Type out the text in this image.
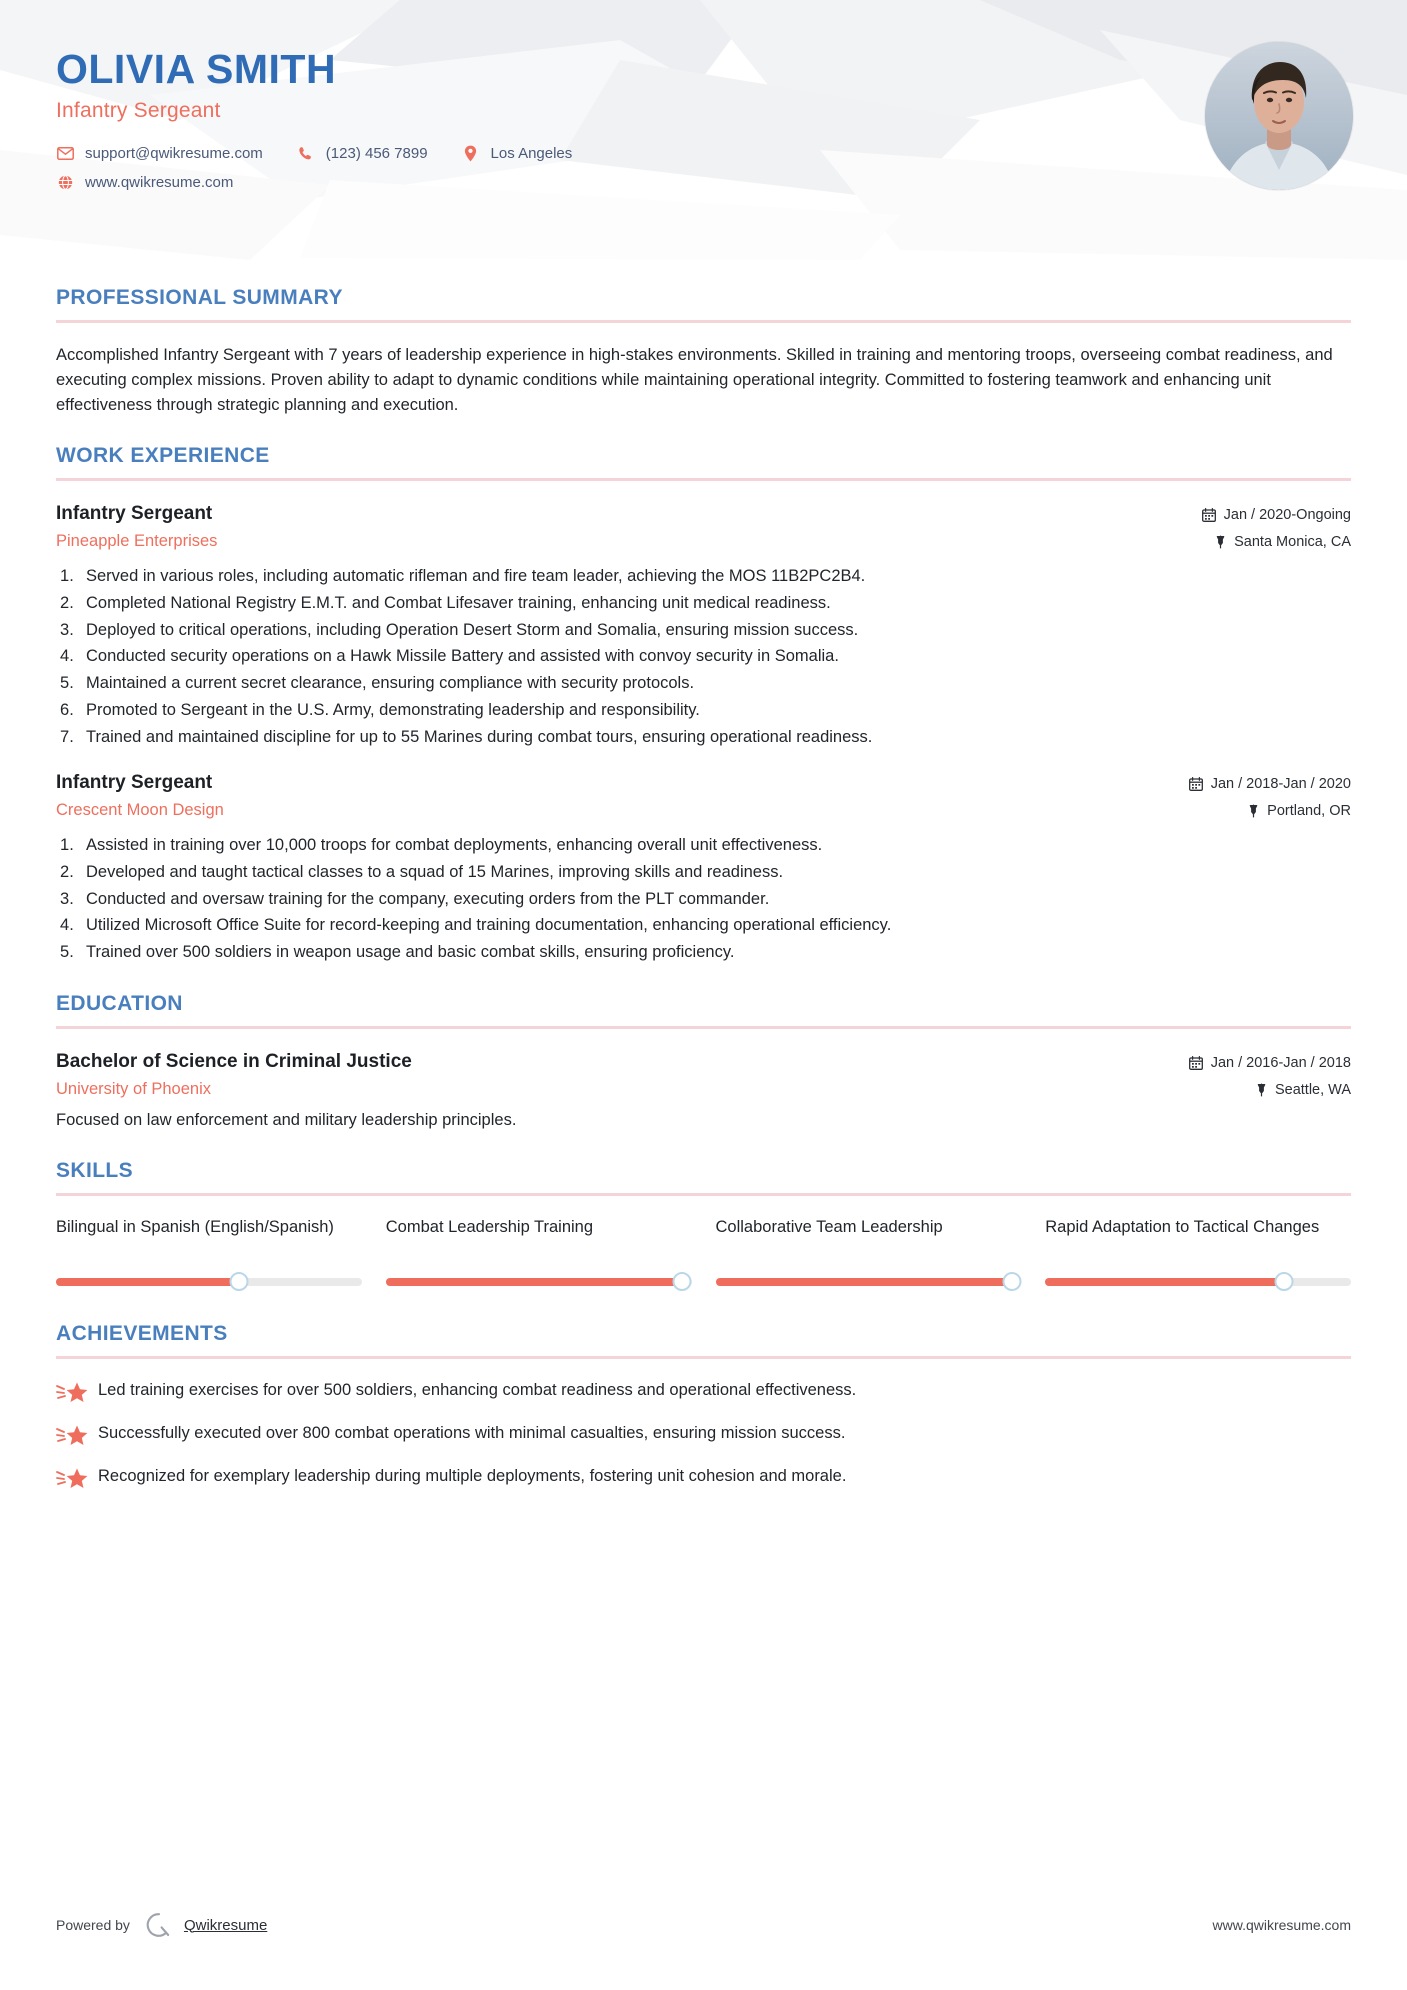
OLIVIA SMITH
Infantry Sergeant
support@qwikresume.com	(123) 456 7899	Los Angeles
www.qwikresume.com
PROFESSIONAL SUMMARY
Accomplished Infantry Sergeant with 7 years of leadership experience in high-stakes environments. Skilled in training and mentoring troops, overseeing combat readiness, and executing complex missions. Proven ability to adapt to dynamic conditions while maintaining operational integrity. Committed to fostering teamwork and enhancing unit effectiveness through strategic planning and execution.
WORK EXPERIENCE
Infantry Sergeant
Pineapple Enterprises
Jan / 2020-Ongoing
Santa Monica, CA
Served in various roles, including automatic rifleman and fire team leader, achieving the MOS 11B2PC2B4.
Completed National Registry E.M.T. and Combat Lifesaver training, enhancing unit medical readiness.
Deployed to critical operations, including Operation Desert Storm and Somalia, ensuring mission success.
Conducted security operations on a Hawk Missile Battery and assisted with convoy security in Somalia.
Maintained a current secret clearance, ensuring compliance with security protocols.
Promoted to Sergeant in the U.S. Army, demonstrating leadership and responsibility.
Trained and maintained discipline for up to 55 Marines during combat tours, ensuring operational readiness.
Infantry Sergeant
Crescent Moon Design
Jan / 2018-Jan / 2020
Portland, OR
Assisted in training over 10,000 troops for combat deployments, enhancing overall unit effectiveness.
Developed and taught tactical classes to a squad of 15 Marines, improving skills and readiness.
Conducted and oversaw training for the company, executing orders from the PLT commander.
Utilized Microsoft Office Suite for record-keeping and training documentation, enhancing operational efficiency.
Trained over 500 soldiers in weapon usage and basic combat skills, ensuring proficiency.
EDUCATION
Bachelor of Science in Criminal Justice
University of Phoenix
Jan / 2016-Jan / 2018
Seattle, WA
Focused on law enforcement and military leadership principles.
SKILLS
Bilingual in Spanish (English/Spanish)	Combat Leadership Training	Collaborative Team Leadership	Rapid Adaptation to Tactical Changes
ACHIEVEMENTS
Led training exercises for over 500 soldiers, enhancing combat readiness and operational effectiveness.
Successfully executed over 800 combat operations with minimal casualties, ensuring mission success.
Recognized for exemplary leadership during multiple deployments, fostering unit cohesion and morale.
Powered by	Qwikresume	www.qwikresume.com
